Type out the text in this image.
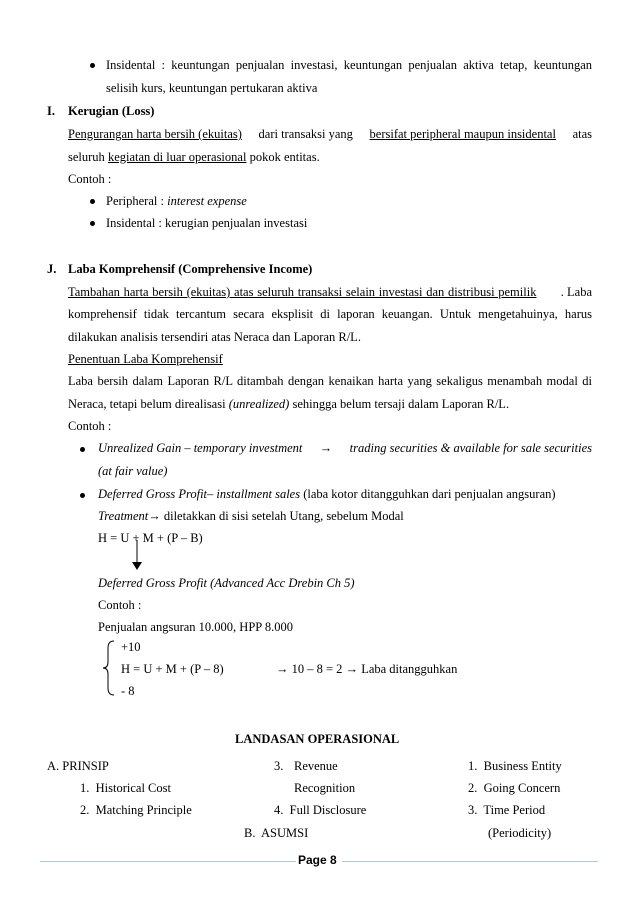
Insidental : keuntungan penjualan investasi, keuntungan penjualan aktiva tetap, keuntungan
selisih kurs, keuntungan pertukaran aktiva
I. Kerugian (Loss)
Pengurangan harta bersih (ekuitas) dari transaksi yang bersifat peripheral maupun insidental atas
seluruh kegiatan di luar operasional pokok entitas.
Contoh :
Peripheral : interest expense
Insidental : kerugian penjualan investasi
J. Laba Komprehensif (Comprehensive Income)
Tambahan harta bersih (ekuitas) atas seluruh transaksi selain investasi dan distribusi pemilik . Laba
komprehensif tidak tercantum secara eksplisit di laporan keuangan. Untuk mengetahuinya, harus
dilakukan analisis tersendiri atas Neraca dan Laporan R/L.
Penentuan Laba Komprehensif
Laba bersih dalam Laporan R/L ditambah dengan kenaikan harta yang sekaligus menambah modal di
Neraca, tetapi belum direalisasi (unrealized) sehingga belum tersaji dalam Laporan R/L.
Contoh :
Unrealized Gain – temporary investment → trading securities & available for sale securities
(at fair value)
Deferred Gross Profit– installment sales (laba kotor ditangguhkan dari penjualan angsuran)
Treatment→ diletakkan di sisi setelah Utang, sebelum Modal
H = U + M + (P – B)
Deferred Gross Profit (Advanced Acc Drebin Ch 5)
Contoh :
Penjualan angsuran 10.000, HPP 8.000
+10
H = U + M + (P – 8)	→ 10 – 8 = 2 → Laba ditangguhkan
- 8
LANDASAN OPERASIONAL
A. PRINSIP
1.  Historical Cost
2.  Matching Principle
3. Revenue
Recognition
4.  Full Disclosure
B.  ASUMSI
1.  Business Entity
2.  Going Concern
3.  Time Period
(Periodicity)
Page 8
